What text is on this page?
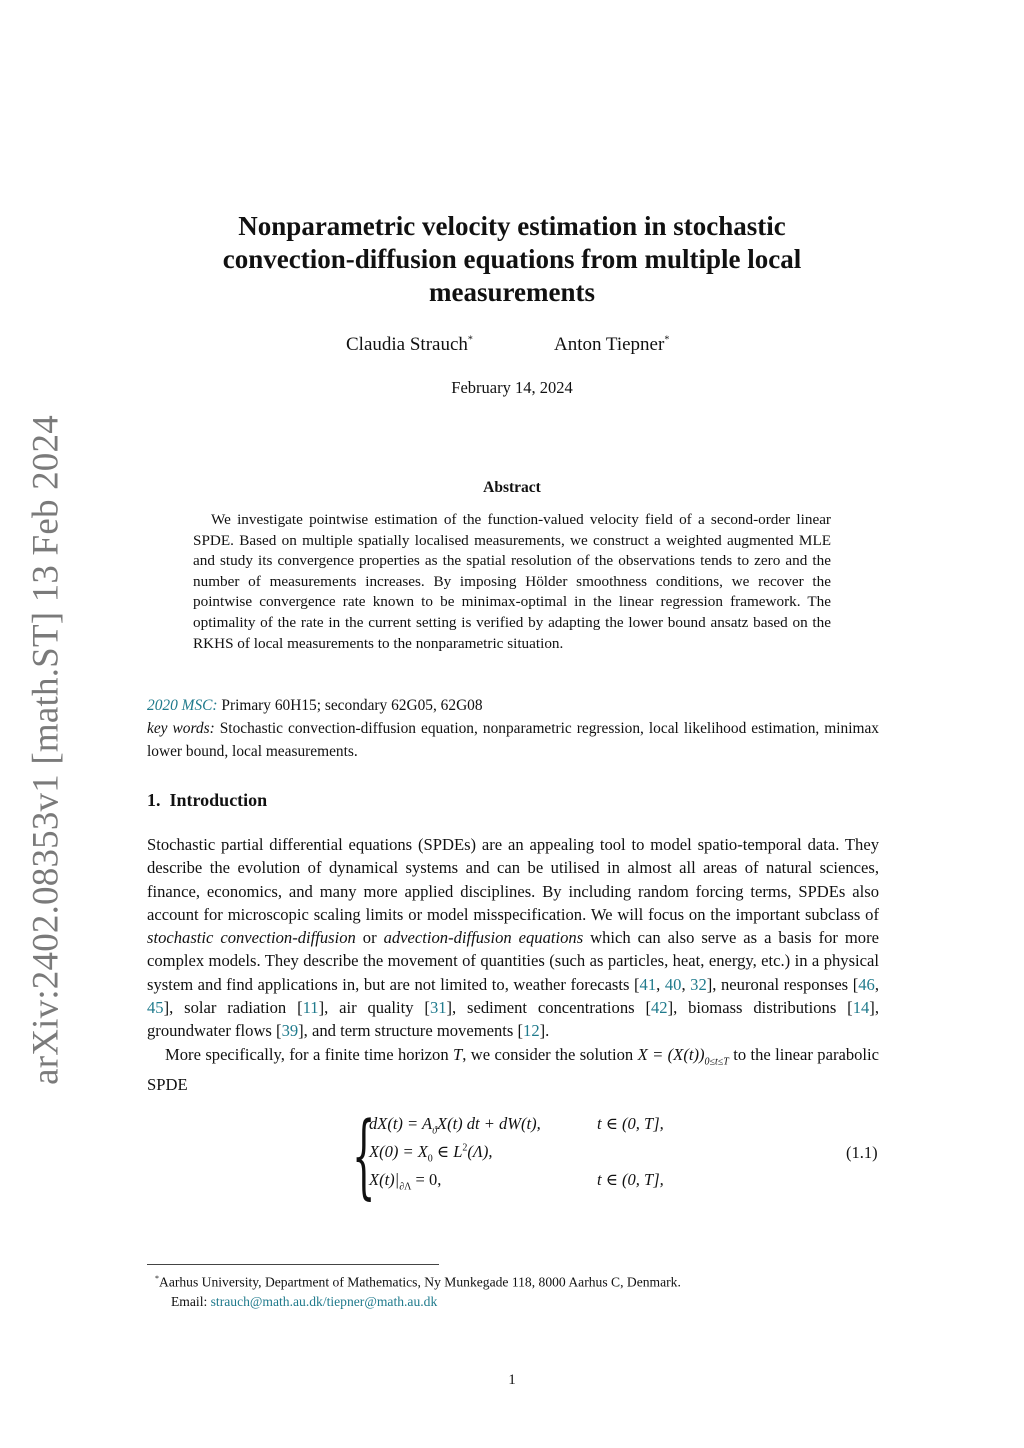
arXiv:2402.08353v1 [math.ST] 13 Feb 2024
Nonparametric velocity estimation in stochastic
convection-diffusion equations from multiple local
measurements
Claudia Strauch*	Anton Tiepner*
February 14, 2024
Abstract
We investigate pointwise estimation of the function-valued velocity field of a second-order linear SPDE. Based on multiple spatially localised measurements, we construct a weighted augmented MLE and study its convergence properties as the spatial resolution of the observations tends to zero and the number of measurements increases. By imposing Hölder smoothness conditions, we recover the pointwise convergence rate known to be minimax-optimal in the linear regression framework. The optimality of the rate in the current setting is verified by adapting the lower bound ansatz based on the RKHS of local measurements to the nonparametric situation.
2020 MSC: Primary 60H15; secondary 62G05, 62G08
key words: Stochastic convection-diffusion equation, nonparametric regression, local likelihood estimation, minimax lower bound, local measurements.
1. Introduction

Stochastic partial differential equations (SPDEs) are an appealing tool to model spatio-temporal data. They describe the evolution of dynamical systems and can be utilised in almost all areas of natural sciences, finance, economics, and many more applied disciplines. By including random forcing terms, SPDEs also account for microscopic scaling limits or model misspecification. We will focus on the important subclass of stochastic convection-diffusion or advection-diffusion equations which can also serve as a basis for more complex models. They describe the movement of quantities (such as particles, heat, energy, etc.) in a physical system and find applications in, but are not limited to, weather forecasts [41, 40, 32], neuronal responses [46, 45], solar radiation [11], air quality [31], sediment concentrations [42], biomass distributions [14], groundwater flows [39], and term structure movements [12].

More specifically, for a finite time horizon T, we consider the solution $X = (X(t))_{0\le t\le T}$ to the linear parabolic SPDE

{
$dX(t) = A_ϑX(t)$ dt + dW(t),	t ∈ (0, T],
$X(0) = X_0$ ∈ $L^2(\Lambda)$,
$X(t)|_{\partial\Lambda} = 0$,	t ∈ (0, T],
(1.1)
*Aarhus University, Department of Mathematics, Ny Munkegade 118, 8000 Aarhus C, Denmark.
Email: strauch@math.au.dk/tiepner@math.au.dk
1
